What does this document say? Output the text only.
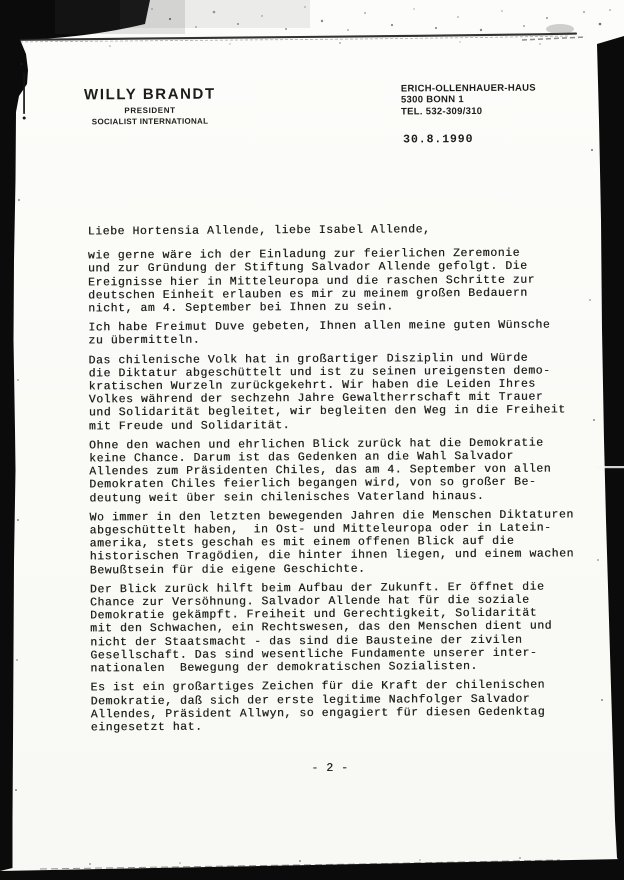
WILLY BRANDT
PRESIDENT
SOCIALIST INTERNATIONAL
ERICH-OLLENHAUER-HAUS
5300 BONN 1
TEL. 532-309/310
30.8.1990

Liebe Hortensia Allende, liebe Isabel Allende,

wie gerne wäre ich der Einladung zur feierlichen Zeremonie
und zur Gründung der Stiftung Salvador Allende gefolgt. Die
Ereignisse hier in Mitteleuropa und die raschen Schritte zur
deutschen Einheit erlauben es mir zu meinem großen Bedauern
nicht, am 4. September bei Ihnen zu sein.

Ich habe Freimut Duve gebeten, Ihnen allen meine guten Wünsche
zu übermitteln.

Das chilenische Volk hat in großartiger Disziplin und Würde
die Diktatur abgeschüttelt und ist zu seinen ureigensten demo-
kratischen Wurzeln zurückgekehrt. Wir haben die Leiden Ihres
Volkes während der sechzehn Jahre Gewaltherrschaft mit Trauer
und Solidarität begleitet, wir begleiten den Weg in die Freiheit
mit Freude und Solidarität.

Ohne den wachen und ehrlichen Blick zurück hat die Demokratie
keine Chance. Darum ist das Gedenken an die Wahl Salvador
Allendes zum Präsidenten Chiles, das am 4. September von allen
Demokraten Chiles feierlich begangen wird, von so großer Be-
deutung weit über sein chilenisches Vaterland hinaus.

Wo immer in den letzten bewegenden Jahren die Menschen Diktaturen
abgeschüttelt haben,  in Ost- und Mitteleuropa oder in Latein-
amerika, stets geschah es mit einem offenen Blick auf die
historischen Tragödien, die hinter ihnen liegen, und einem wachen
Bewußtsein für die eigene Geschichte.

Der Blick zurück hilft beim Aufbau der Zukunft. Er öffnet die
Chance zur Versöhnung. Salvador Allende hat für die soziale
Demokratie gekämpft. Freiheit und Gerechtigkeit, Solidarität
mit den Schwachen, ein Rechtswesen, das den Menschen dient und
nicht der Staatsmacht - das sind die Bausteine der zivilen
Gesellschaft. Das sind wesentliche Fundamente unserer inter-
nationalen  Bewegung der demokratischen Sozialisten.

Es ist ein großartiges Zeichen für die Kraft der chilenischen
Demokratie, daß sich der erste legitime Nachfolger Salvador
Allendes, Präsident Allwyn, so engagiert für diesen Gedenktag
eingesetzt hat.

- 2 -
